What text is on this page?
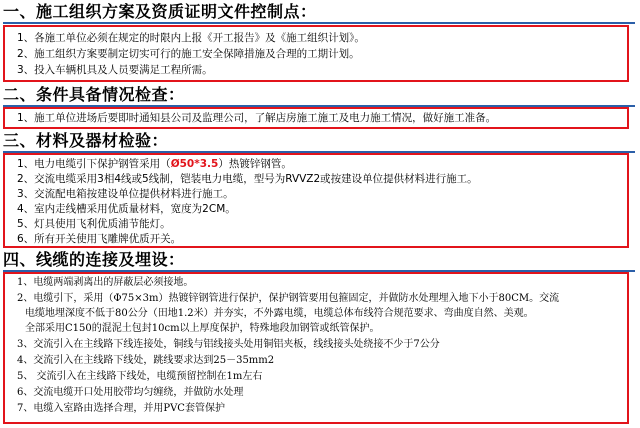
一、施工组织方案及资质证明文件控制点：
1、各施工单位必须在规定的时限内上报《开工报告》及《施工组织计划》。
2、施工组织方案要制定切实可行的施工安全保障措施及合理的工期计划。
3、投入车辆机具及人员要满足工程所需。
二、条件具备情况检查：
1、施工单位进场后要即时通知县公司及监理公司，了解店房施工施工及电力施工情况，做好施工准备。
三、材料及器材检验：
1、电力电缆引下保护钢管采用（Ø50*3.5）热镀锌钢管。
2、交流电缆采用3相4线或5线制，铠装电力电缆，型号为RVVZ2或按建设单位提供材料进行施工。
3、交流配电箱按建设单位提供材料进行施工。
4、室内走线槽采用优质量材料，宽度为2CM。
5、灯具使用飞利优质浦节能灯。
6、所有开关使用飞雕牌优质开关。
四、线缆的连接及埋设：
1、电缆两端剥离出的屏蔽层必须接地。
2、电缆引下，采用（Φ75×3m）热镀锌钢管进行保护，保护钢管要用包箍固定，并做防水处理埋入地下小于80CM。交流
电缆地埋深度不低于80公分（田地1.2米）并夯实，不外露电缆，电缆总体布线符合规范要求、弯曲度自然、美观。
全部采用C150的混泥土包封10cm以上厚度保护，特殊地段加钢管或纸管保护。
3、交流引入在主线路下线连接处，铜线与铝线接头处用铜铝夹板，线线接头处绕接不少于7公分
4、交流引入在主线路下线处，跳线要求达到25－35mm2
5、 交流引入在主线路下线处，电缆预留控制在1m左右
6、交流电缆开口处用胶带均匀缠绕，并做防水处理
7、电缆入室路由选择合理，并用PVC套管保护
